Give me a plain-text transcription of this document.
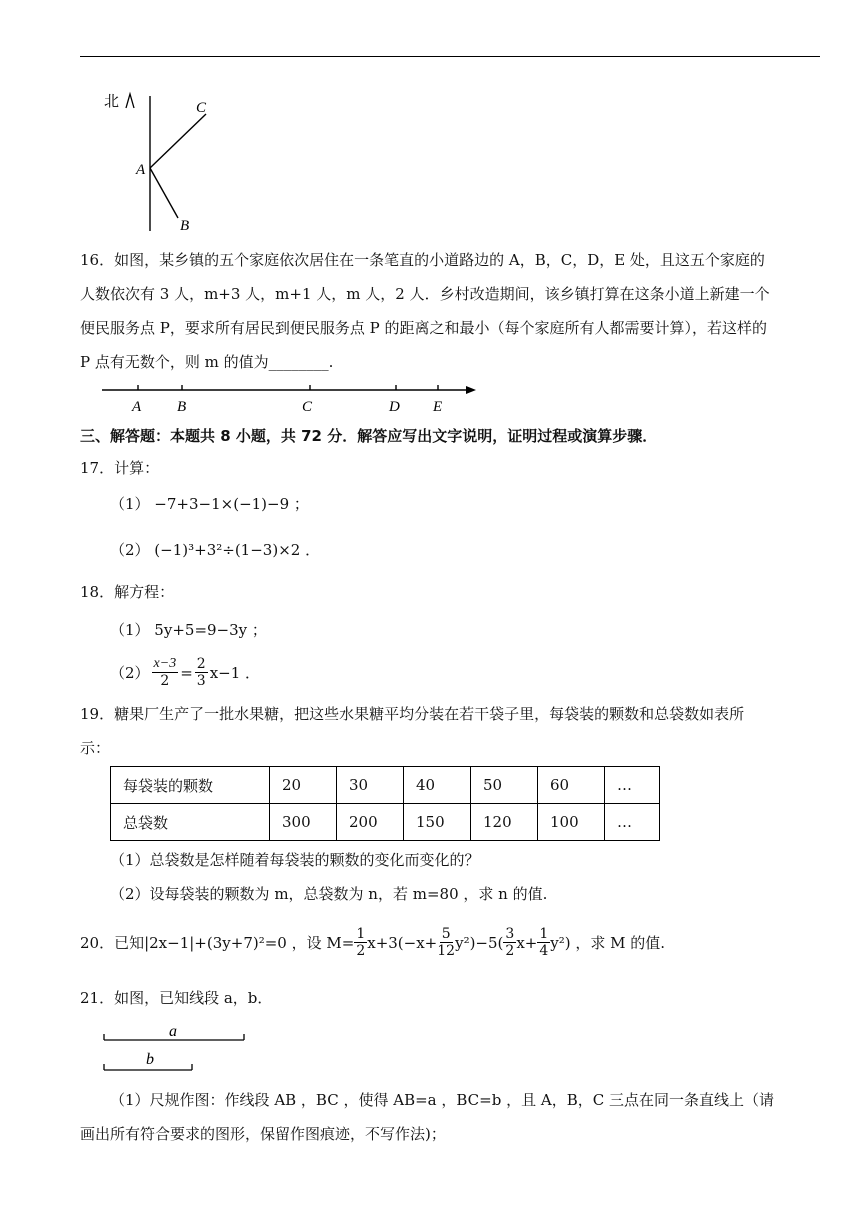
北
A
C
B
16．如图，某乡镇的五个家庭依次居住在一条笔直的小道路边的 A，B，C，D，E 处，且这五个家庭的
人数依次有 3 人，m+3 人，m+1 人，m 人，2 人．乡村改造期间，该乡镇打算在这条小道上新建一个
便民服务点 P，要求所有居民到便民服务点 P 的距离之和最小（每个家庭所有人都需要计算），若这样的
P 点有无数个，则 m 的值为________.
A B	C	D E
三、解答题：本题共 8 小题，共 72 分．解答应写出文字说明，证明过程或演算步骤．
17．计算：
（1） −7+3−1×(−1)−9 ；
（2） (−1)³+3²÷(1−3)×2 ．
18．解方程：
（1） 5y+5=9−3y ；
$(2) \frac{x-3}{2} = \frac{2}{3} x-1$ ．
19．糖果厂生产了一批水果糖，把这些水果糖平均分装在若干袋子里，每袋装的颗数和总袋数如表所
示：
每袋装的颗数	20	30	40	50	60	…
总袋数	300	200	150	120	100	…
（1）总袋数是怎样随着每袋装的颗数的变化而变化的？
（2）设每袋装的颗数为 m，总袋数为 n，若 m=80 ，求 n 的值.
20．已知|2x−1|+(3y+7)²=0 ，设 $M= \frac{1}{2} x+3(-x+ \frac{5}{12} y^2)-5( \frac{3}{2} x+ \frac{1}{4} y^2)$ ，求 M 的值.
21．如图，已知线段 a，b．
a
b
（1）尺规作图：作线段 AB ，BC ，使得 AB=a ，BC=b ，且 A，B，C 三点在同一条直线上（请
画出所有符合要求的图形，保留作图痕迹，不写作法)；
